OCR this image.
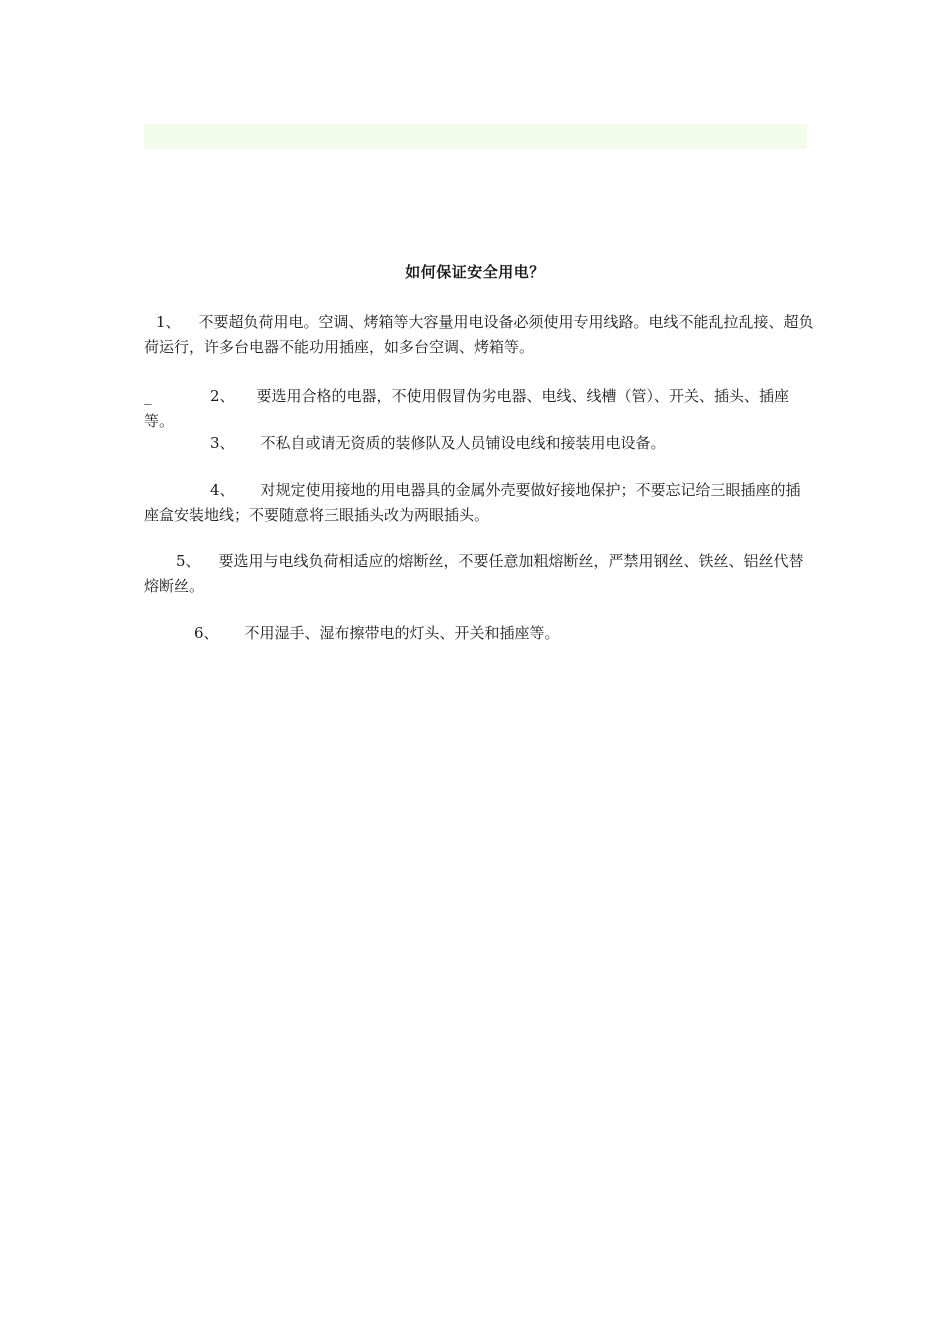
如何保证安全用电？
_
1、 不要超负荷用电。空调、烤箱等大容量用电设备必须使用专用线路。电线不能乱拉乱接、超负荷运行，许多台电器不能功用插座，如多台空调、烤箱等。
2、 要选用合格的电器，不使用假冒伪劣电器、电线、线槽（管）、开关、插头、插座等。
3、 不私自或请无资质的装修队及人员铺设电线和接装用电设备。
4、 对规定使用接地的用电器具的金属外壳要做好接地保护；不要忘记给三眼插座的插座盒安装地线；不要随意将三眼插头改为两眼插头。
5、 要选用与电线负荷相适应的熔断丝，不要任意加粗熔断丝，严禁用钢丝、铁丝、铝丝代替熔断丝。
6、 不用湿手、湿布擦带电的灯头、开关和插座等。
